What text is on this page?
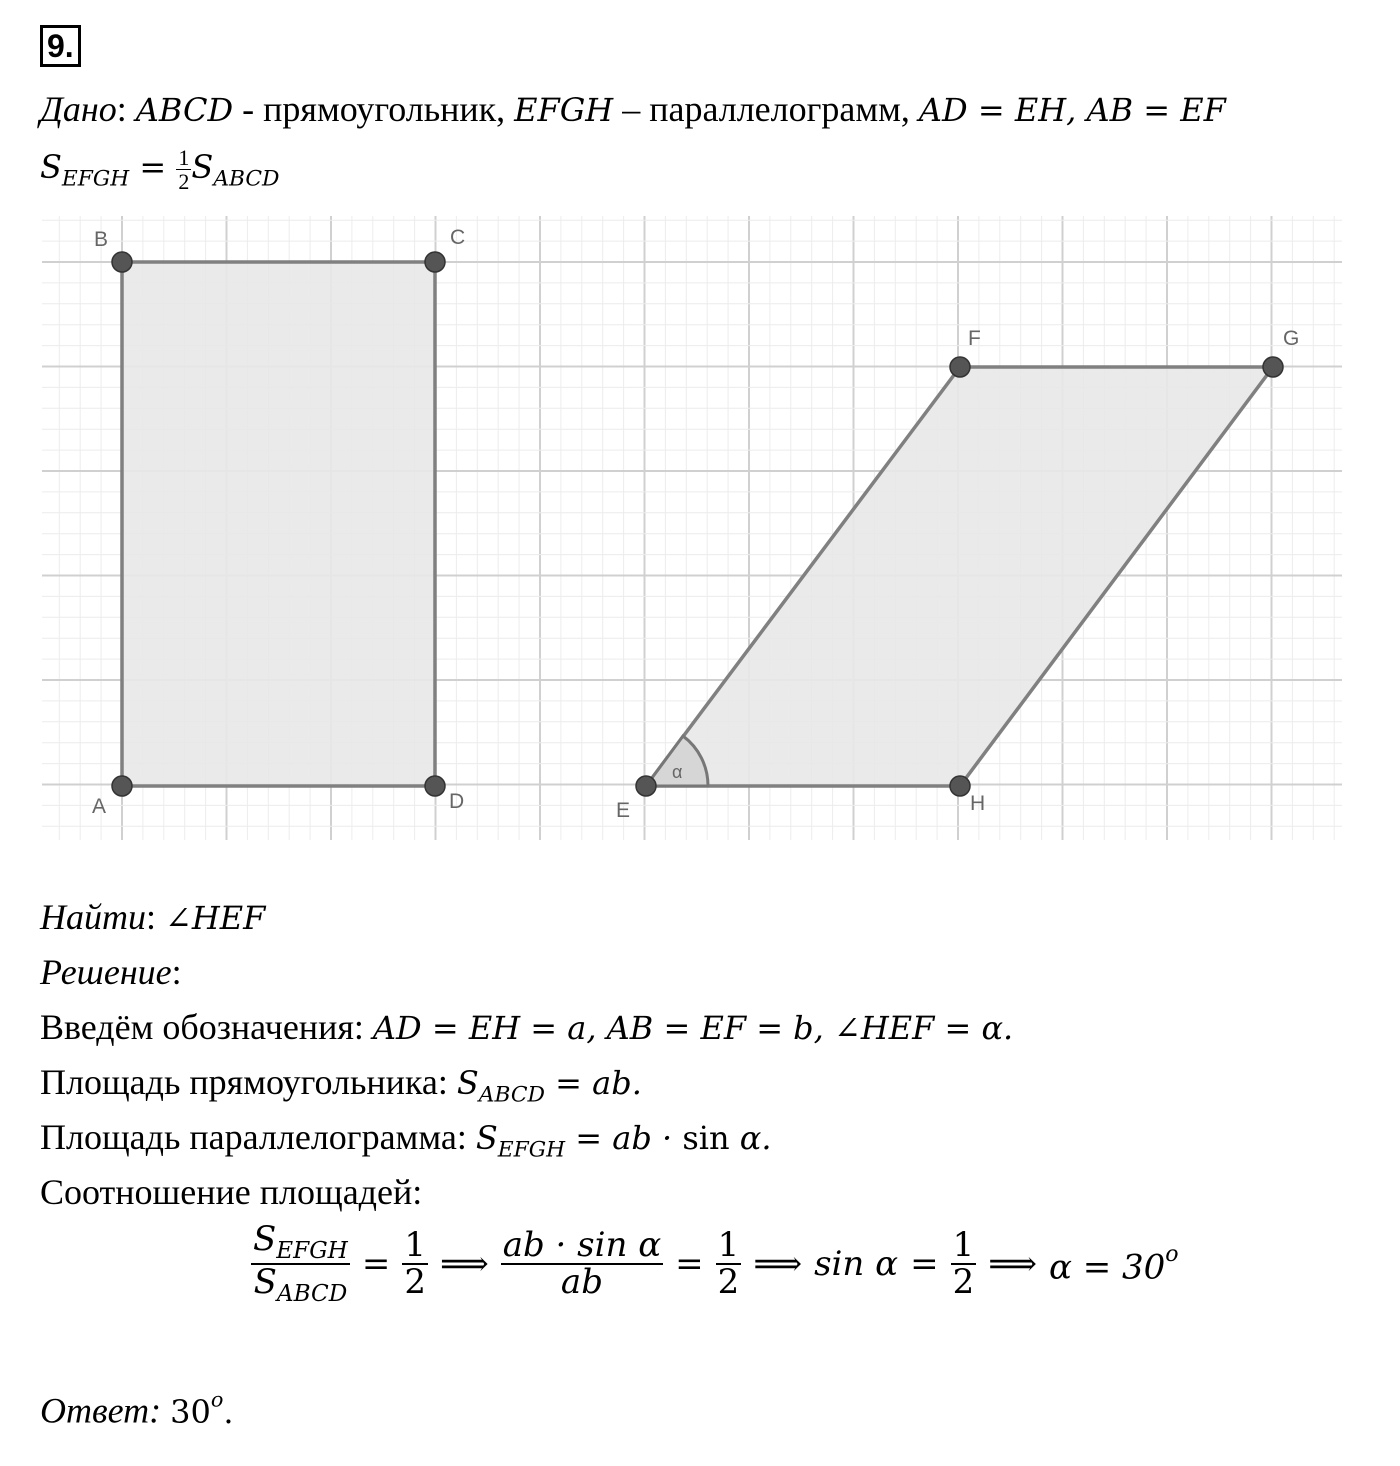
9.
Дано: ABCD - прямоугольник, EFGH – параллелограмм, AD = EH, AB = EF
$S_{EFGH} = \frac{1}{2} S_{ABCD}$
α
B	C
A	D
F	G
E	H
Найти: ∠HEF
Решение:
Введём обозначения: AD = EH = a, AB = EF = b, ∠HEF = α.
Площадь прямоугольника: $S_{ABCD}$ = ab.
Площадь параллелограмма: $S_{EFGH}$ = ab · sin α.
Соотношение площадей:
$\frac{S_{EFGH}}{S_{ABCD}} = \frac{1}{2}$ ⟹ $\frac{\text{ab · sin α}}{ab} = \frac{1}{2}$ ⟹ $\sin \alpha = \frac{1}{2}$ ⟹ $\alpha = 30^o$
Ответ: 30$^o$.
